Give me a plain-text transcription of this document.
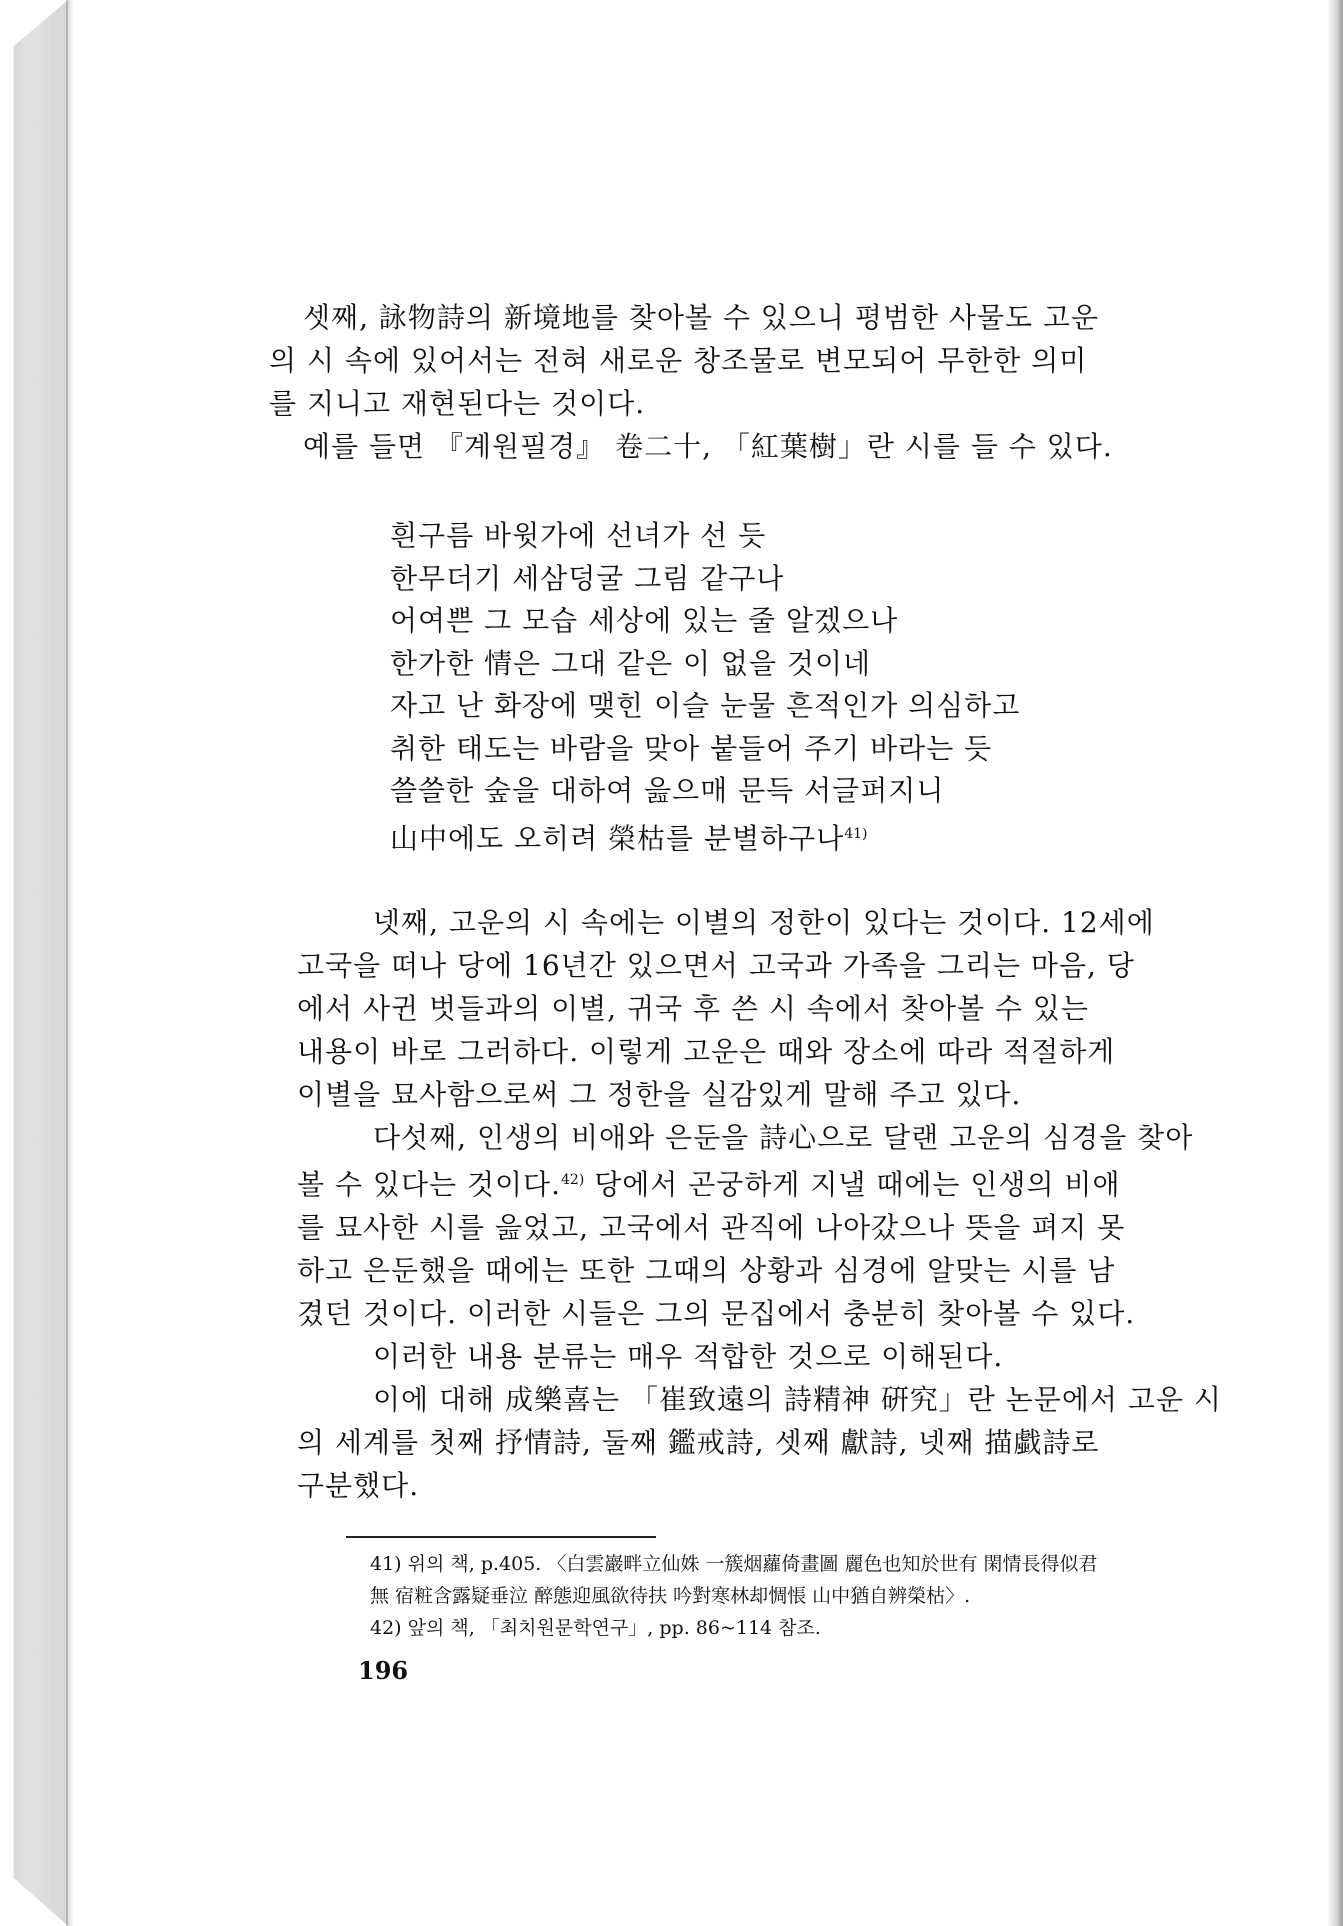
셋째, 詠物詩의 新境地를 찾아볼 수 있으니 평범한 사물도 고운
의 시 속에 있어서는 전혀 새로운 창조물로 변모되어 무한한 의미
를 지니고 재현된다는 것이다.
예를 들면 『계원필경』 卷二十, 「紅葉樹」란 시를 들 수 있다.

흰구름 바윗가에 선녀가 선 듯
한무더기 세삼덩굴 그림 같구나
어여쁜 그 모습 세상에 있는 줄 알겠으나
한가한 情은 그대 같은 이 없을 것이네
자고 난 화장에 맺힌 이슬 눈물 흔적인가 의심하고
취한 태도는 바람을 맞아 붙들어 주기 바라는 듯
쓸쓸한 숲을 대하여 읊으매 문득 서글퍼지니
山中에도 오히려 榮枯를 분별하구나$^{41)}$
넷째, 고운의 시 속에는 이별의 정한이 있다는 것이다. 12세에
고국을 떠나 당에 16년간 있으면서 고국과 가족을 그리는 마음, 당
에서 사귄 벗들과의 이별, 귀국 후 쓴 시 속에서 찾아볼 수 있는
내용이 바로 그러하다. 이렇게 고운은 때와 장소에 따라 적절하게
이별을 묘사함으로써 그 정한을 실감있게 말해 주고 있다.
다섯째, 인생의 비애와 은둔을 詩心으로 달랜 고운의 심경을 찾아
볼 수 있다는 것이다.$^{42)}$ 당에서 곤궁하게 지낼 때에는 인생의 비애
를 묘사한 시를 읊었고, 고국에서 관직에 나아갔으나 뜻을 펴지 못
하고 은둔했을 때에는 또한 그때의 상황과 심경에 알맞는 시를 남
겼던 것이다. 이러한 시들은 그의 문집에서 충분히 찾아볼 수 있다.
이러한 내용 분류는 매우 적합한 것으로 이해된다.
이에 대해 成樂喜는 「崔致遠의 詩精神 硏究」란 논문에서 고운 시
의 세계를 첫째 抒情詩, 둘째 鑑戒詩, 셋째 獻詩, 넷째 描戱詩로
구분했다.
41) 위의 책, p.405. 〈白雲巖畔立仙姝 一簇烟蘿倚畫圖 麗色也知於世有 閑情長得似君
無 宿粧含露疑垂泣 醉態迎風欲待扶 吟對寒林却惆悵 山中猶自辨榮枯〉.
42) 앞의 책, 「최치원문학연구」, pp. 86~114 참조.
196
